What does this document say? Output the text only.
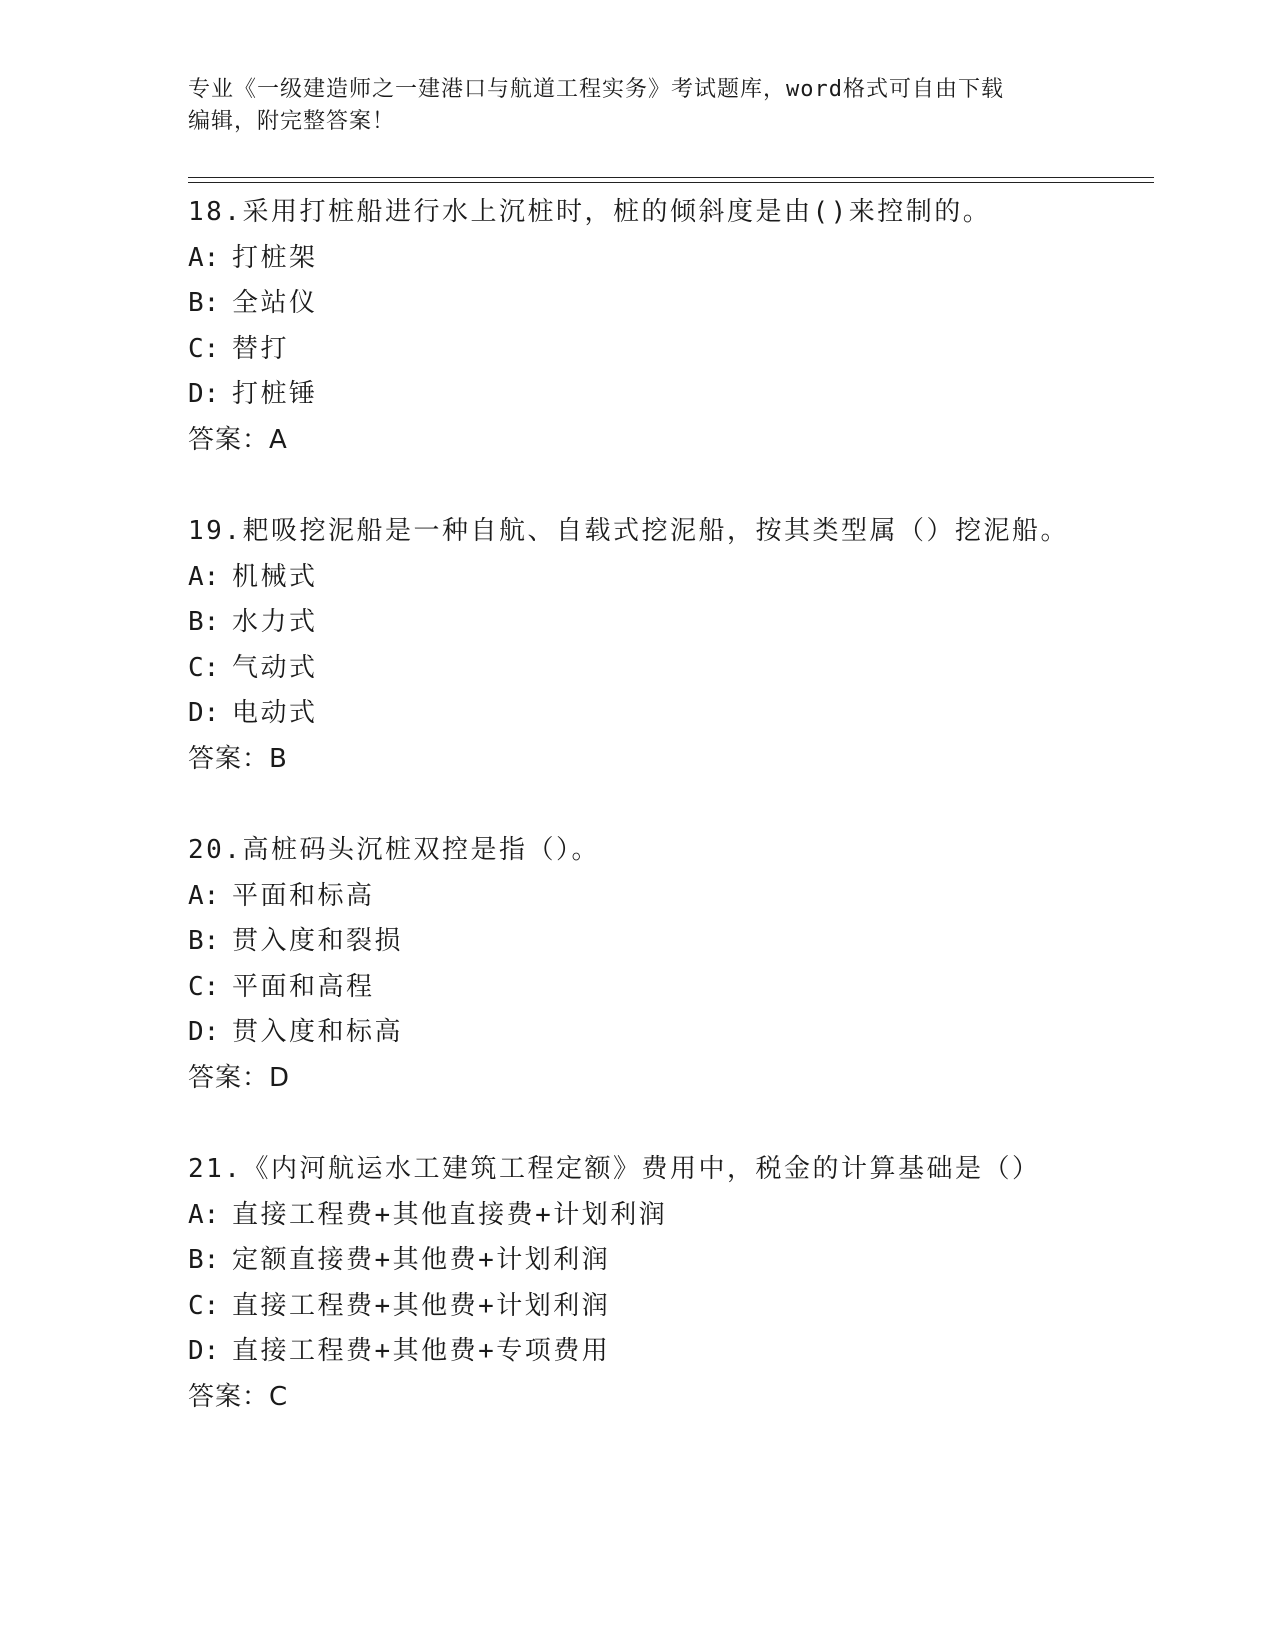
专业《一级建造师之一建港口与航道工程实务》考试题库，word格式可自由下载
编辑，附完整答案！
18.采用打桩船进行水上沉桩时，桩的倾斜度是由()来控制的。
A: 打桩架
B: 全站仪
C: 替打
D: 打桩锤
答案：A
19.耙吸挖泥船是一种自航、自载式挖泥船，按其类型属（）挖泥船。
A: 机械式
B: 水力式
C: 气动式
D: 电动式
答案：B
20.高桩码头沉桩双控是指（）。
A: 平面和标高
B: 贯入度和裂损
C: 平面和高程
D: 贯入度和标高
答案：D
21.《内河航运水工建筑工程定额》费用中，税金的计算基础是（）
A: 直接工程费+其他直接费+计划利润
B: 定额直接费+其他费+计划利润
C: 直接工程费+其他费+计划利润
D: 直接工程费+其他费+专项费用
答案：C
